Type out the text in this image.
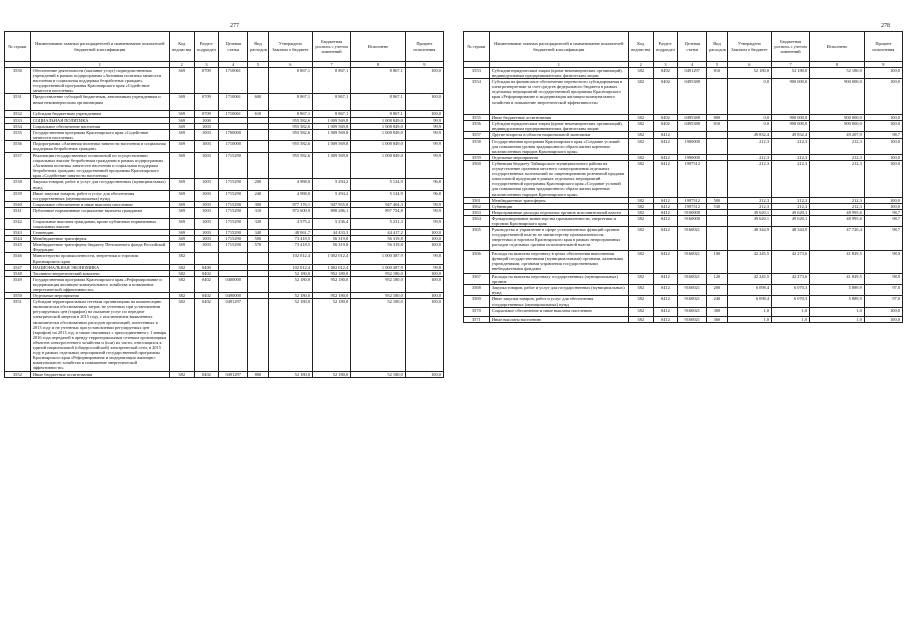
277
№ строки	Наименование главных распорядителей и наименование показателей бюджетной классификации	Код ведомства	Раздел-подраздел	Целевая статья	Вид расходов	Утверждено Законом о бюджете	Бюджетная роспись с учетом изменений	Исполнено	Процент исполнения
	1	2	3	4	5	6	7	8	9
3530	Обеспечение деятельности (оказание услуг) подведомственных учреждений в рамках подпрограммы «Активная политика занятости населения и социальная поддержка безработных граждан» государственной программы Красноярского края «Содействие занятости населения»	369	0709	1710061		8 867,1	8 867,1	8 867,1	100,0
3531	Предоставление субсидий бюджетным, автономным учреждениям и иным некоммерческим организациям	369	0709	1710061	600	8 867,1	8 867,1	8 867,1	100,0
3532	Субсидии бюджетным учреждениям	369	0709	1710061	610	8 867,1	8 867,1	8 867,1	100,0
3533	СОЦИАЛЬНАЯ ПОЛИТИКА	369	1000			955 582,6	1 009 569,8	1 008 849,0	99,9
3534	Социальное обеспечение населения	369	1003			955 582,6	1 009 569,8	1 008 849,0	99,9
3535	Государственная программа Красноярского края «Содействие занятости населения»	369	1003	1700000		955 582,6	1 009 569,8	1 008 849,0	99,9
3536	Подпрограмма «Активная политика занятости населения и социальная поддержка безработных граждан»	369	1003	1710000		955 582,6	1 009 569,8	1 008 849,0	99,9
3537	Реализация государственных полномочий по осуществлению социальных выплат безработным гражданам в рамках подпрограммы «Активная политика занятости населения и социальная поддержка безработных граждан» государственной программы Красноярского края «Содействие занятости населения»	369	1003	1715290		955 582,6	1 009 569,8	1 008 849,0	99,9
3538	Закупка товаров, работ и услуг для государственных (муниципальных) нужд	369	1003	1715290	200	4 988,0	5 294,2	5 124,9	96,8
3539	Иные закупки товаров, работ и услуг для обеспечения государственных (муниципальных) нужд	369	1003	1715290	240	4 988,0	5 294,2	5 124,9	96,8
3540	Социальное обеспечение и иные выплаты населению	369	1003	1715290	300	877 176,1	947 955,8	947 404,3	99,9
3541	Публичные нормативные социальные выплаты гражданам	369	1003	1715290	310	872 600,9	898 286,1	897 754,8	99,9
3542	Социальные выплаты гражданам, кроме публичных нормативных социальных выплат	369	1003	1715290	320	4 575,2	5 236,4	5 231,3	99,9
3543	Стипендии	369	1003	1715290	340	48 061,7	44 433,3	44 417,2	100,0
3544	Межбюджетные трансферты	369	1003	1715290	500	73 418,5	56 319,8	56 319,8	100,0
3545	Межбюджетные трансферты бюджету Пенсионного фонда Российской Федерации	369	1003	1715290	570	73 418,5	56 319,8	56 319,8	100,0
3546	Министерство промышленности, энергетики и торговли Красноярского края	382				102 012,4	1 002 012,4	1 000 387,9	99,8
3547	НАЦИОНАЛЬНАЯ ЭКОНОМИКА	382	0400			102 012,4	1 002 012,4	1 000 387,9	99,8
3548	Топливно-энергетический комплекс	382	0402			52 180,0	952 180,0	952 180,0	100,0
3549	Государственная программа Красноярского края «Реформирование и модернизация жилищно-коммунального хозяйства и повышение энергетической эффективности»	382	0402	0400000		52 180,0	952 180,0	952 180,0	100,0
3550	Отдельные мероприятия	382	0402	0490000		52 180,0	952 180,0	952 180,0	100,0
3551	Субсидии территориальным сетевым организациям на компенсацию экономически обоснованных затрат, не учтенных при установлении регулируемых цен (тарифов) на оказание услуг по передаче электрической энергии в 2015 году, с исключением выявленных экономически обоснованных расходов организаций, понесенных в 2013 году и не учтенных при установлении регулируемых цен (тарифов) на 2013 год, в также связанных с присоединением с 1 января 2016 года передачей в аренду территориальным сетевым организациям объектов электросетевого хозяйства и (или) их части, относящихся к единой национальной (общероссийской) электрической сети, в 2015 году в рамках отдельных мероприятий государственной программы Красноярского края «Реформирование и модернизация жилищно-коммунального хозяйства и повышение энергетической эффективности»	382	0402	0491297		52 180,0	52 180,0	52 180,0	100,0
3552	Иные бюджетные ассигнования	382	0402	0491297	800	52 180,0	52 180,0	52 180,0	100,0
278
№ строки	Наименование главных распорядителей и наименование показателей бюджетной классификации	Код ведомства	Раздел-подраздел	Целевая статья	Вид расходов	Утверждено Законом о бюджете	Бюджетная роспись с учетом изменений	Исполнено	Процент исполнения
	1	2	3	4	5	6	7	8	9
3553	Субсидии юридическим лицам (кроме некоммерческих организаций), индивидуальным предпринимателям, физическим лицам	382	0402	0491297	810	52 180,0	52 180,0	52 180,0	100,0
3554	Субсидия на финансовое обеспечение переносного субсидирования в электроэнергетике за счет средств федерального бюджета в рамках отдельных мероприятий государственной программы Красноярского края «Реформирование и модернизация жилищно-коммунального хозяйства и повышение энергетической эффективности»	382	0402	0495388		0,0	900 000,0	900 000,0	100,0
3555	Иные бюджетные ассигнования	382	0402	0495388	800	0,0	900 000,0	900 000,0	100,0
3556	Субсидии юридическим лицам (кроме некоммерческих организаций), индивидуальным предпринимателям, физическим лицам	382	0402	0495388	810	0,0	900 000,0	900 000,0	100,0
3557	Другие вопросы в области национальной экономики	382	0412			49 832,4	49 832,4	49 207,9	98,7
3558	Государственная программа Красноярского края «Создание условий для повышения уровня традиционного образа жизни коренных малочисленных народов Красноярского края»	382	0412	1900000		212,3	212,3	212,3	100,0
3559	Отдельные мероприятия	382	0412	1990000		212,3	212,3	212,3	100,0
3560	Субвенция бюджету Таймырского муниципального района на осуществление органами местного самоуправления отдельных государственных полномочий по лицензированию розничной продажи алкогольной продукции в рамках отдельных мероприятий государственной программы Красноярского края «Создание условий для повышения уровня традиционного образа жизни коренных малочисленных народов Красноярского края»	382	0412	1997512		212,3	212,3	212,3	100,0
3561	Межбюджетные трансферты	382	0412	1997512	500	212,3	212,3	212,3	100,0
3562	Субвенции	382	0412	1997512	530	212,3	212,3	212,3	100,0
3563	Непрограммные расходы отдельных органов исполнительной власти	382	0412	9100000		49 620,1	49 620,1	48 995,6	98,7
3564	Функционирование министерства промышленности, энергетики и торговли Красноярского края	382	0412	9160000		49 620,1	49 620,1	48 995,6	98,7
3565	Руководство и управление в сфере установленных функций органов государственной власти по министерству промышленности, энергетики и торговли Красноярского края в рамках непрограммных расходов отдельных органов исполнительной власти	382	0412	9160021		48 344,9	48 344,9	47 720,4	98,7
3566	Расходы на выплаты персоналу в целях обеспечения выполнения функций государственными (муниципальными) органами, казенными учреждениями, органами управления государственными внебюджетными фондами	382	0412	9160021	100	42 245,5	42 273,6	41 829,5	98,9
3567	Расходы на выплаты персоналу государственных (муниципальных) органов	382	0412	9160021	120	42 245,5	42 273,6	41 829,5	98,9
3568	Закупка товаров, работ и услуг для государственных (муниципальных) нужд	382	0412	9160021	200	6 098,4	6 070,3	5 889,9	97,0
3569	Иные закупки товаров, работ и услуг для обеспечения государственных (муниципальных) нужд	382	0412	9160021	240	6 098,4	6 070,3	5 889,9	97,0
3570	Социальное обеспечение и иные выплаты населению	382	0412	9160021	300	1,0	1,0	1,0	100,0
3571	Иные выплаты населению	382	0412	9160021	360	1,0	1,0	1,0	100,0
